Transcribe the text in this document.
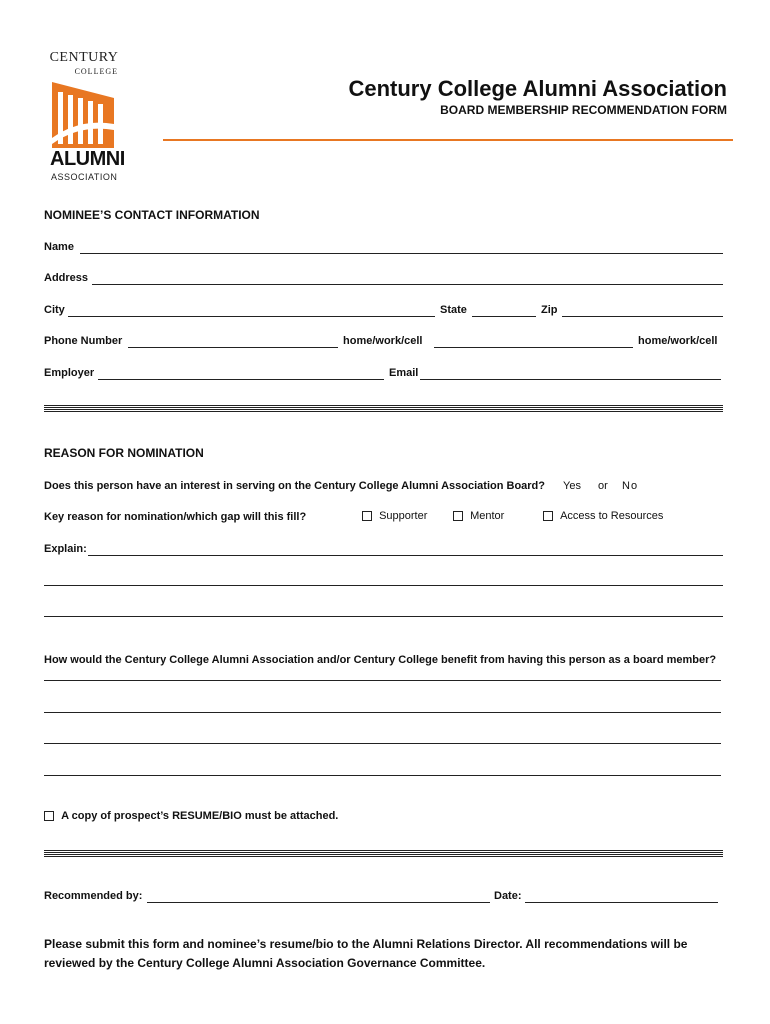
CENTURY
COLLEGE
ALUMNI
ASSOCIATION
Century College Alumni Association
BOARD MEMBERSHIP RECOMMENDATION FORM
NOMINEE’S CONTACT INFORMATION
Name
Address
City	State	Zip
Phone Number	home/work/cell	home/work/cell
Employer	Email
REASON FOR NOMINATION
Does this person have an interest in serving on the Century College Alumni Association Board? Yes or No
Key reason for nomination/which gap will this fill?	Supporter	Mentor	Access to Resources
Explain:
How would the Century College Alumni Association and/or Century College benefit from having this person as a board member?
A copy of prospect’s RESUME/BIO must be attached.
Recommended by:	Date:
Please submit this form and nominee’s resume/bio to the Alumni Relations Director. All recommendations will be reviewed by the Century College Alumni Association Governance Committee.
